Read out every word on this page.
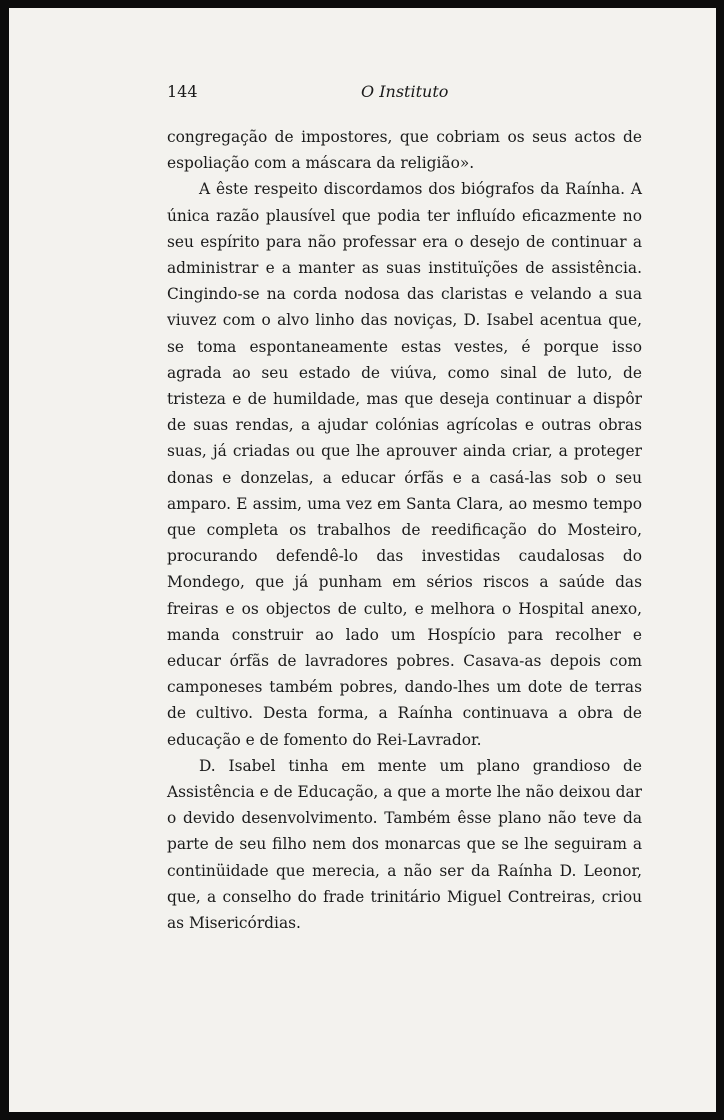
144	O Instituto

congregação de impostores, que cobriam os seus actos de espoliação com a máscara da religião».

A êste respeito discordamos dos biógrafos da Raínha. A única razão plausível que podia ter influído eficazmente no seu espírito para não professar era o desejo de continuar a administrar e a manter as suas instituïções de assistência. Cingindo-se na corda nodosa das claristas e velando a sua viuvez com o alvo linho das noviças, D. Isabel acentua que, se toma espontaneamente estas vestes, é porque isso agrada ao seu estado de viúva, como sinal de luto, de tristeza e de humildade, mas que deseja continuar a dispôr de suas rendas, a ajudar colónias agrícolas e outras obras suas, já criadas ou que lhe aprouver ainda criar, a proteger donas e donzelas, a educar órfãs e a casá-las sob o seu amparo. E assim, uma vez em Santa Clara, ao mesmo tempo que completa os trabalhos de reedificação do Mosteiro, procurando defendê-lo das investidas caudalosas do Mondego, que já punham em sérios riscos a saúde das freiras e os objectos de culto, e melhora o Hospital anexo, manda construir ao lado um Hospício para recolher e educar órfãs de lavradores pobres. Casava-as depois com camponeses também pobres, dando-lhes um dote de terras de cultivo. Desta forma, a Raínha continuava a obra de educação e de fomento do Rei-Lavrador.

D. Isabel tinha em mente um plano grandioso de Assistência e de Educação, a que a morte lhe não deixou dar o devido desenvolvimento. Também êsse plano não teve da parte de seu filho nem dos monarcas que se lhe seguiram a continüidade que merecia, a não ser da Raínha D. Leonor, que, a conselho do frade trinitário Miguel Contreiras, criou as Misericórdias.
